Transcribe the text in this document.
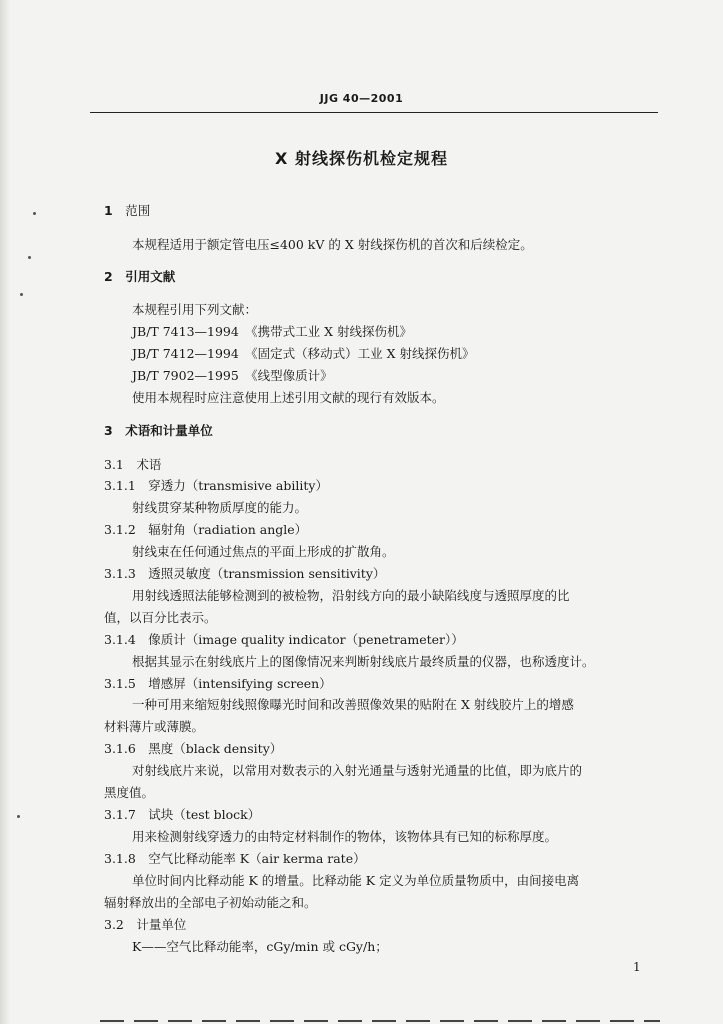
JJG 40—2001
X 射线探伤机检定规程
1　 范围
本规程适用于额定管电压≤400 kV 的 X 射线探伤机的首次和后续检定。
2　 引用文献
本规程引用下列文献：
JB/T 7413—1994　《携带式工业 X 射线探伤机》
JB/T 7412—1994　《固定式（移动式）工业 X 射线探伤机》
JB/T 7902—1995　《线型像质计》
使用本规程时应注意使用上述引用文献的现行有效版本。
3　 术语和计量单位
3.1　术语
3.1.1　穿透力（transmisive ability）
射线贯穿某种物质厚度的能力。
3.1.2　辐射角（radiation angle）
射线束在任何通过焦点的平面上形成的扩散角。
3.1.3　透照灵敏度（transmission sensitivity）
用射线透照法能够检测到的被检物，沿射线方向的最小缺陷线度与透照厚度的比
值，以百分比表示。
3.1.4　像质计（image quality indicator（penetrameter））
根据其显示在射线底片上的图像情况来判断射线底片最终质量的仪器，也称透度计。
3.1.5　增感屏（intensifying screen）
一种可用来缩短射线照像曝光时间和改善照像效果的贴附在 X 射线胶片上的增感
材料薄片或薄膜。
3.1.6　黑度（black density）
对射线底片来说，以常用对数表示的入射光通量与透射光通量的比值，即为底片的
黑度值。
3.1.7　试块（test block）
用来检测射线穿透力的由特定材料制作的物体，该物体具有已知的标称厚度。
3.1.8　空气比释动能率 K（air kerma rate）
单位时间内比释动能 K 的增量。比释动能 K 定义为单位质量物质中，由间接电离
辐射释放出的全部电子初始动能之和。
3.2　计量单位
K——空气比释动能率，cGy/min 或 cGy/h；
1
